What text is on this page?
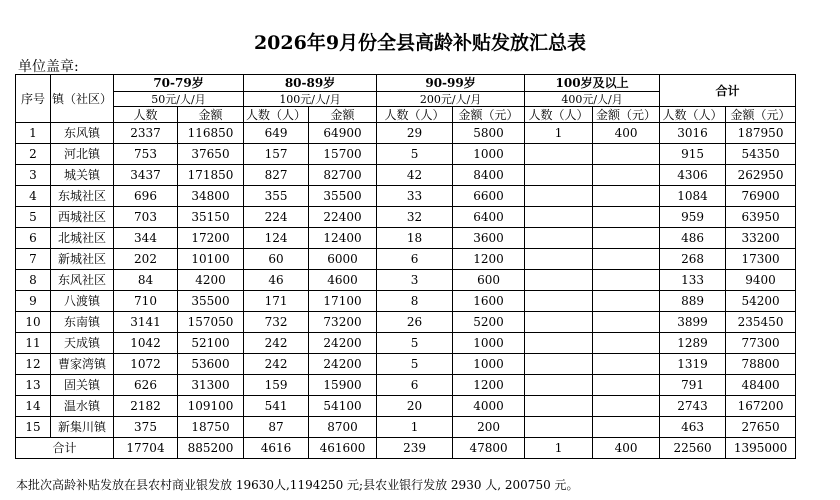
2026年9月份全县高龄补贴发放汇总表
单位盖章:
序号	镇（社区）	70-79岁		80-89岁		90-99岁		100岁及以上		合计	
		50元/人/月		100元/人/月		200元/人/月		400元/人/月			
		人数	金额	人数（人）	金额	人数（人）	金额（元）	人数（人）	金额（元）	人数（人）	金额（元）
1	东风镇	2337	116850	649	64900	29	5800	1	400	3016	187950
2	河北镇	753	37650	157	15700	5	1000			915	54350
3	城关镇	3437	171850	827	82700	42	8400			4306	262950
4	东城社区	696	34800	355	35500	33	6600			1084	76900
5	西城社区	703	35150	224	22400	32	6400			959	63950
6	北城社区	344	17200	124	12400	18	3600			486	33200
7	新城社区	202	10100	60	6000	6	1200			268	17300
8	东风社区	84	4200	46	4600	3	600			133	9400
9	八渡镇	710	35500	171	17100	8	1600			889	54200
10	东南镇	3141	157050	732	73200	26	5200			3899	235450
11	天成镇	1042	52100	242	24200	5	1000			1289	77300
12	曹家湾镇	1072	53600	242	24200	5	1000			1319	78800
13	固关镇	626	31300	159	15900	6	1200			791	48400
14	温水镇	2182	109100	541	54100	20	4000			2743	167200
15	新集川镇	375	18750	87	8700	1	200			463	27650
合计		17704	885200	4616	461600	239	47800	1	400	22560	1395000
本批次高龄补贴发放在县农村商业银发放 19630人,1194250 元;县农业银行发放 2930 人, 200750 元。
